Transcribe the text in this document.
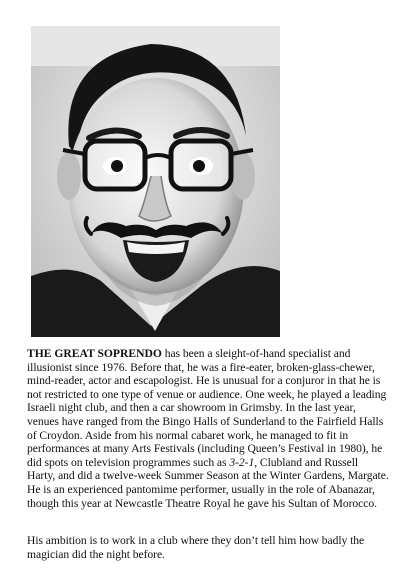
THE GREAT SOPRENDO has been a sleight-of-hand specialist and illusionist since 1976. Before that, he was a fire-eater, broken-glass-chewer, mind-reader, actor and escapologist. He is unusual for a conjuror in that he is not restricted to one type of venue or audience. One week, he played a leading Israeli night club, and then a car showroom in Grimsby. In the last year, venues have ranged from the Bingo Halls of Sunderland to the Fairfield Halls of Croydon. Aside from his normal cabaret work, he managed to fit in performances at many Arts Festivals (including Queen’s Festival in 1980), he did spots on television programmes such as 3-2-1, Clubland and Russell Harty, and did a twelve-week Summer Season at the Winter Gardens, Margate. He is an experienced pantomime performer, usually in the role of Abanazar, though this year at Newcastle Theatre Royal he gave his Sultan of Morocco.

His ambition is to work in a club where they don’t tell him how badly the magician did the night before.
